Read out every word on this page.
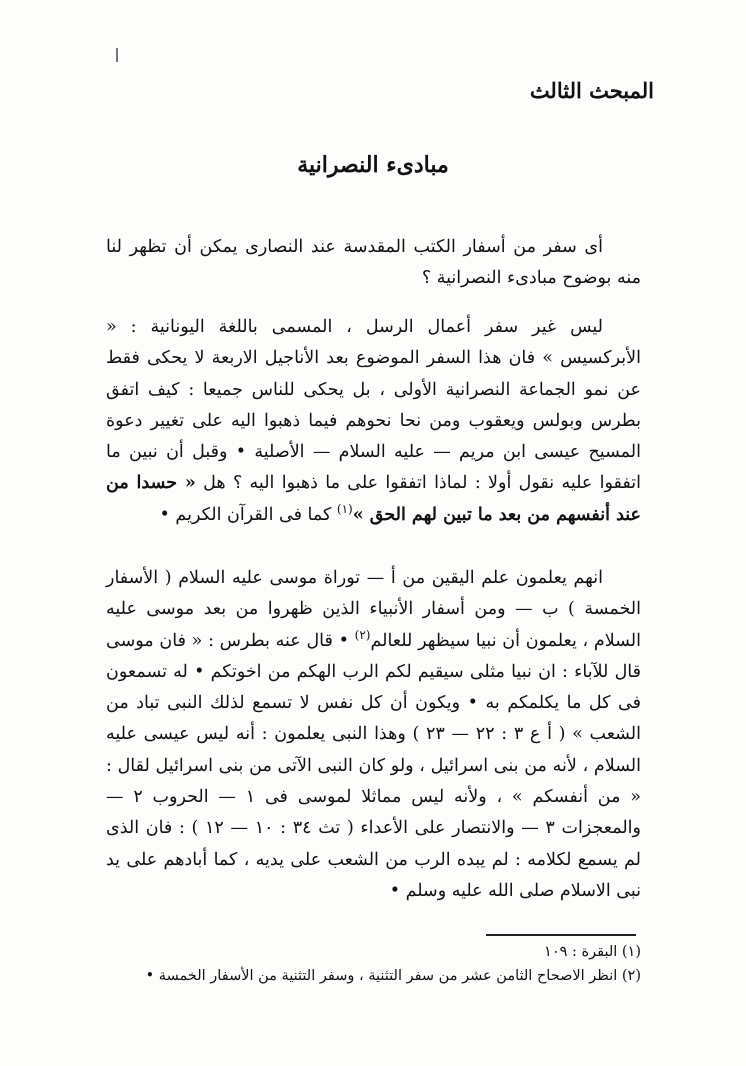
المبحث الثالث
مبادىء النصرانية

أى سفر من أسفار الكتب المقدسة عند النصارى يمكن أن تظهر لنا منه بوضوح مبادىء النصرانية ؟

ليس غير سفر أعمال الرسل ، المسمى باللغة اليونانية : « الأبركسيس » فان هذا السفر الموضوع بعد الأناجيل الاربعة لا يحكى فقط عن نمو الجماعة النصرانية الأولى ، بل يحكى للناس جميعا : كيف اتفق بطرس وبولس ويعقوب ومن نحا نحوهم فيما ذهبوا اليه على تغيير دعوة المسيح عيسى ابن مريم — عليه السلام — الأصلية • وقبل أن نبين ما اتفقوا عليه نقول أولا : لماذا اتفقوا على ما ذهبوا اليه ؟ هل « حسدا من عند أنفسهم من بعد ما تبين لهم الحق »$^{(١)}$ كما فى القرآن الكريم •

انهم يعلمون علم اليقين من أ — توراة موسى عليه السلام ( الأسفار الخمسة ) ب — ومن أسفار الأنبياء الذين ظهروا من بعد موسى عليه السلام ، يعلمون أن نبيا سيظهر للعالم$^{(٢)}$ • قال عنه بطرس : « فان موسى قال للآباء : ان نبيا مثلى سيقيم لكم الرب الهكم من اخوتكم • له تسمعون فى كل ما يكلمكم به • ويكون أن كل نفس لا تسمع لذلك النبى تباد من الشعب » ( أ ع ٣ : ٢٢ — ٢٣ ) وهذا النبى يعلمون : أنه ليس عيسى عليه السلام ، لأنه من بنى اسرائيل ، ولو كان النبى الآتى من بنى اسرائيل لقال : « من أنفسكم » ، ولأنه ليس مماثلا لموسى فى ١ — الحروب ٢ — والمعجزات ٣ — والانتصار على الأعداء ( تث ٣٤ : ١٠ — ١٢ ) : فان الذى لم يسمع لكلامه : لم يبده الرب من الشعب على يديه ، كما أبادهم على يد نبى الاسلام صلى الله عليه وسلم •

(١) البقرة : ١٠٩

(٢) انظر الاصحاح الثامن عشر من سفر التثنية ، وسفر التثنية من الأسفار الخمسة •
